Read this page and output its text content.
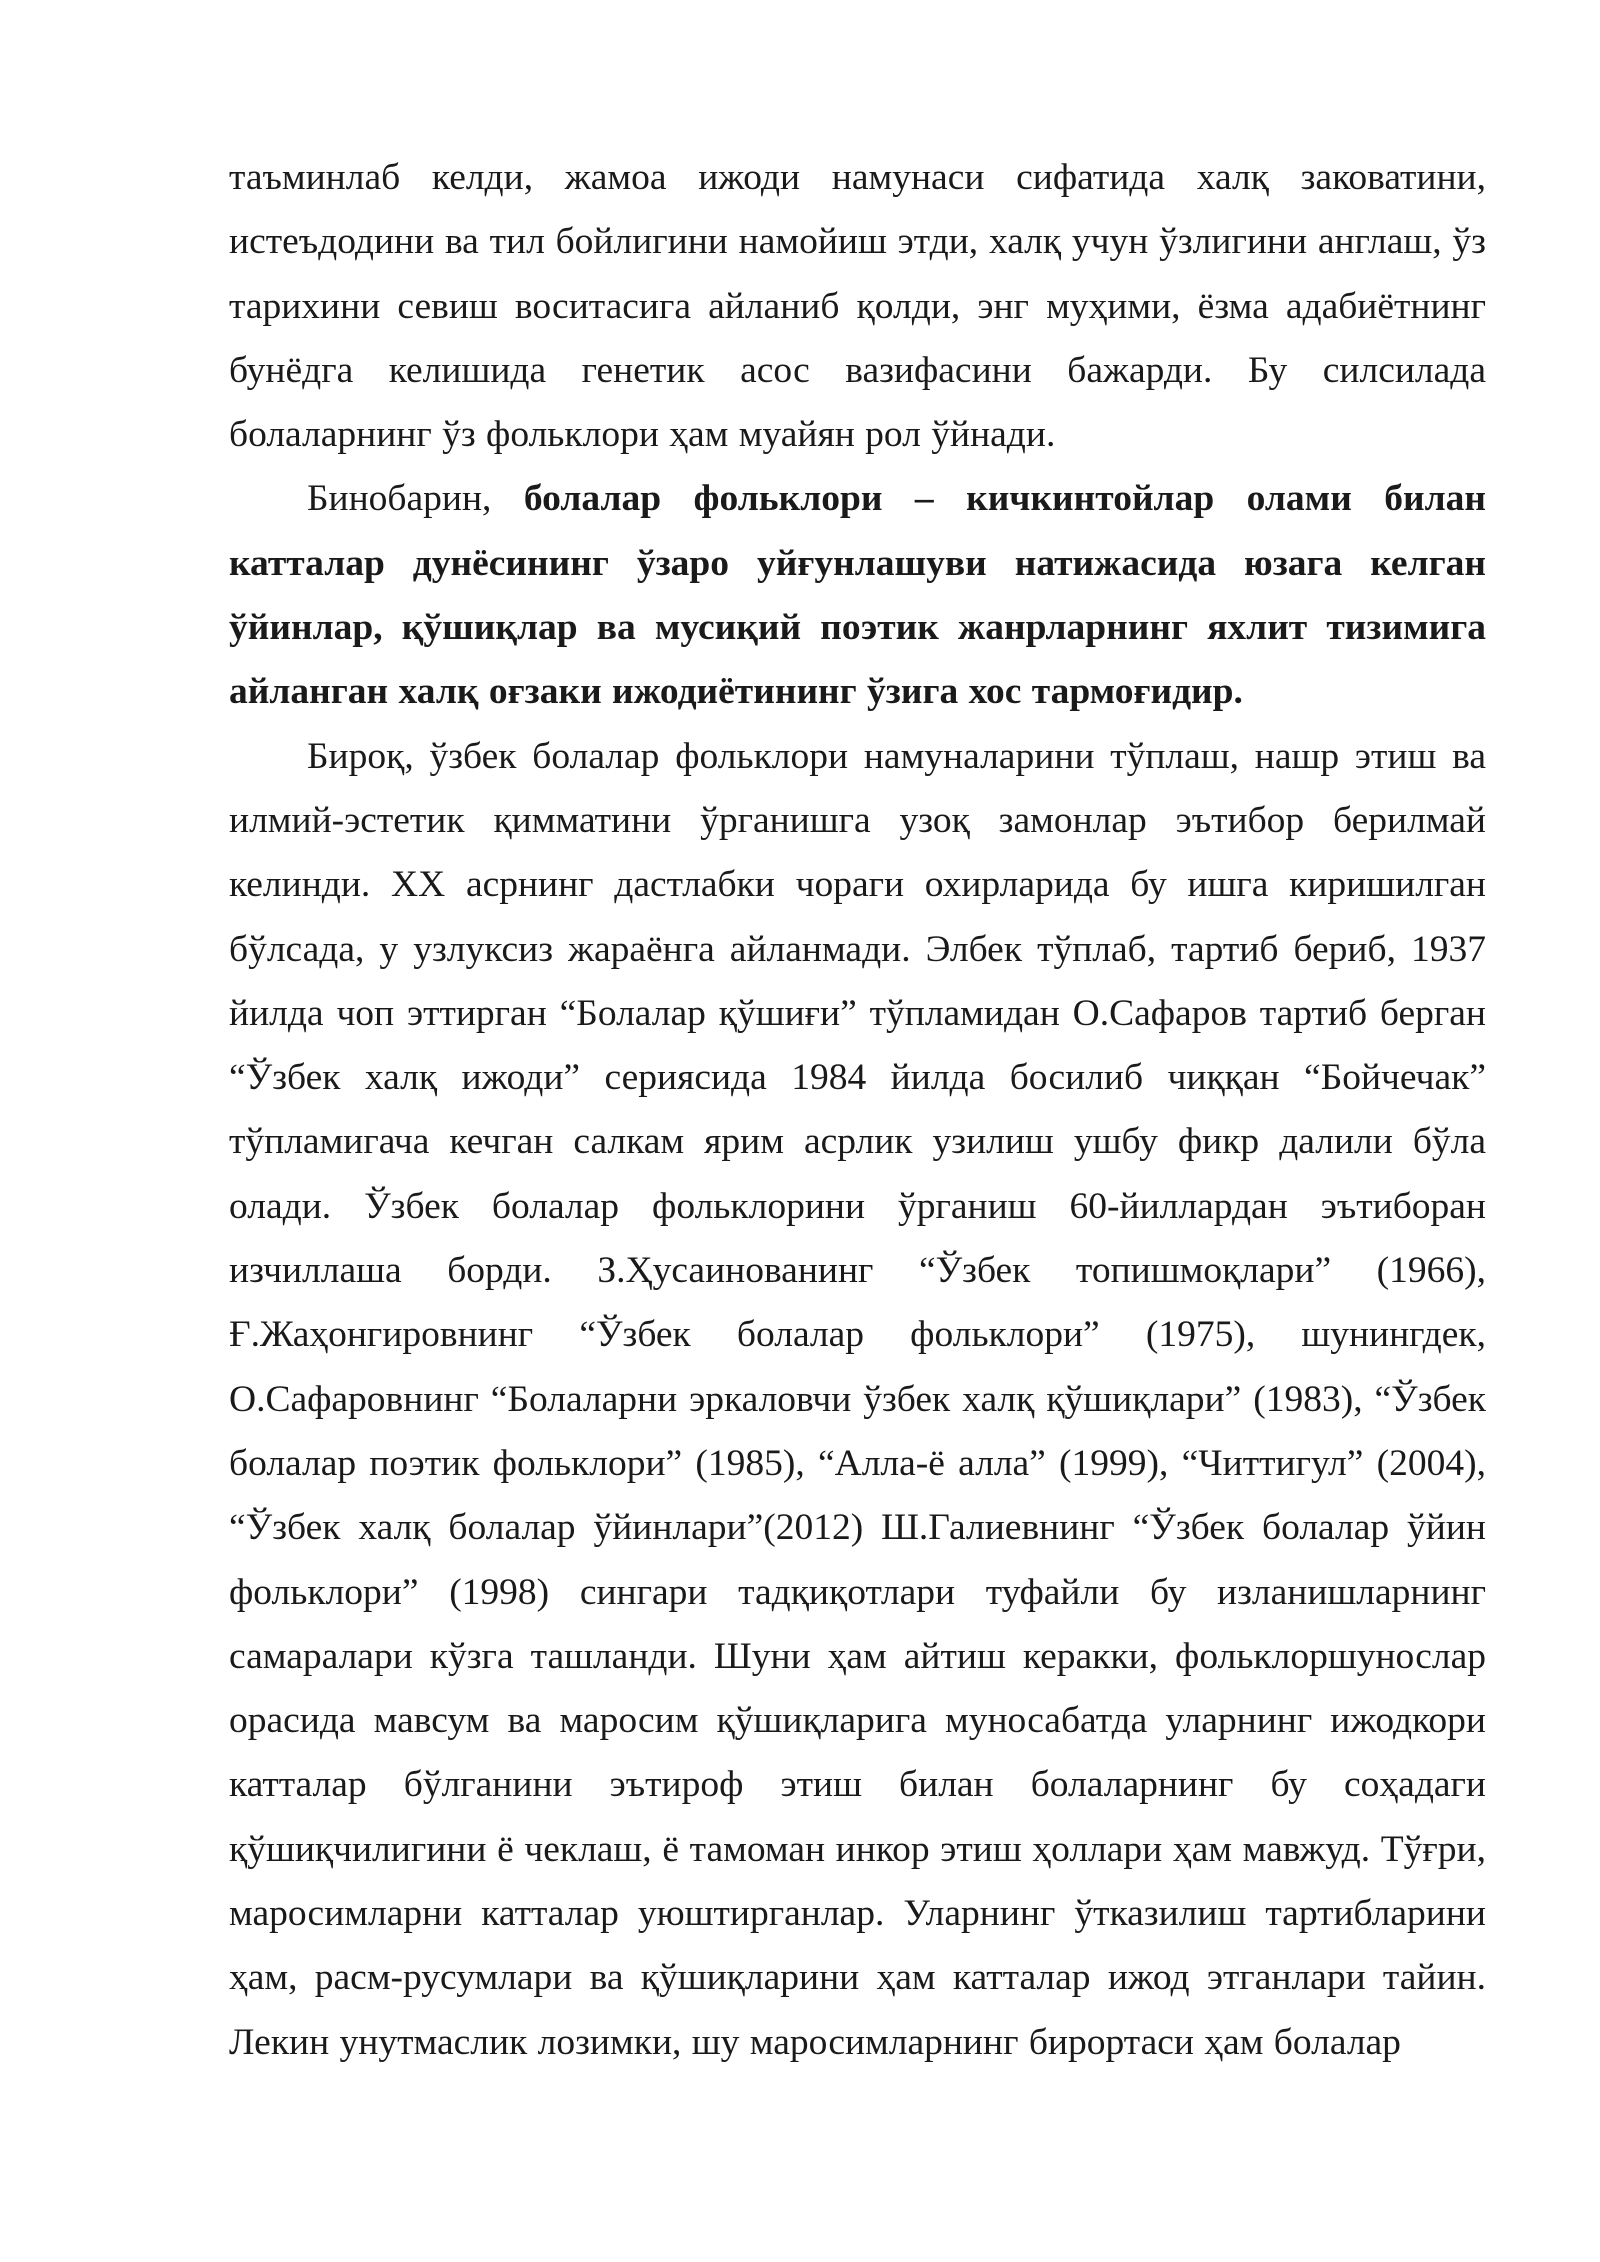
таъминлаб келди, жамоа ижоди намунаси сифатида халқ заковатини, истеъдодини ва тил бойлигини намойиш этди, халқ учун ўзлигини англаш, ўз тарихини севиш воситасига айланиб қолди, энг муҳими, ёзма адабиётнинг бунёдга келишида генетик асос вазифасини бажарди. Бу силсилада болаларнинг ўз фольклори ҳам муайян рол ўйнади.

Бинобарин, болалар фольклори – кичкинтойлар олами билан катталар дунёсининг ўзаро уйғунлашуви натижасида юзага келган ўйинлар, қўшиқлар ва мусиқий поэтик жанрларнинг яхлит тизимига айланган халқ оғзаки ижодиётининг ўзига хос тармоғидир.

Бироқ, ўзбек болалар фольклори намуналарини тўплаш, нашр этиш ва илмий-эстетик қимматини ўрганишга узоқ замонлар эътибор берилмай келинди. XX асрнинг дастлабки чораги охирларида бу ишга киришилган бўлсада, у узлуксиз жараёнга айланмади. Элбек тўплаб, тартиб бериб, 1937 йилда чоп эттирган “Болалар қўшиғи” тўпламидан О.Сафаров тартиб берган “Ўзбек халқ ижоди” сериясида 1984 йилда босилиб чиққан “Бойчечак” тўпламигача кечган салкам ярим асрлик узилиш ушбу фикр далили бўла олади. Ўзбек болалар фольклорини ўрганиш 60-йиллардан эътиборан изчиллаша борди. З.Ҳусаинованинг “Ўзбек топишмоқлари” (1966), Ғ.Жаҳонгировнинг “Ўзбек болалар фольклори” (1975), шунингдек, О.Сафаровнинг “Болаларни эркаловчи ўзбек халқ қўшиқлари” (1983), “Ўзбек болалар поэтик фольклори” (1985), “Алла-ё алла” (1999), “Читтигул” (2004), “Ўзбек халқ болалар ўйинлари”(2012) Ш.Галиевнинг “Ўзбек болалар ўйин фольклори” (1998) сингари тадқиқотлари туфайли бу изланишларнинг самаралари кўзга ташланди. Шуни ҳам айтиш керакки, фольклоршунослар орасида мавсум ва маросим қўшиқларига муносабатда уларнинг ижодкори катталар бўлганини эътироф этиш билан болаларнинг бу соҳадаги қўшиқчилигини ё чеклаш, ё тамоман инкор этиш ҳоллари ҳам мавжуд. Тўғри, маросимларни катталар уюштирганлар. Уларнинг ўтказилиш тартибларини ҳам, расм-русумлари ва қўшиқларини ҳам катталар ижод этганлари тайин. Лекин унутмаслик лозимки, шу маросимларнинг бирортаси ҳам болалар
